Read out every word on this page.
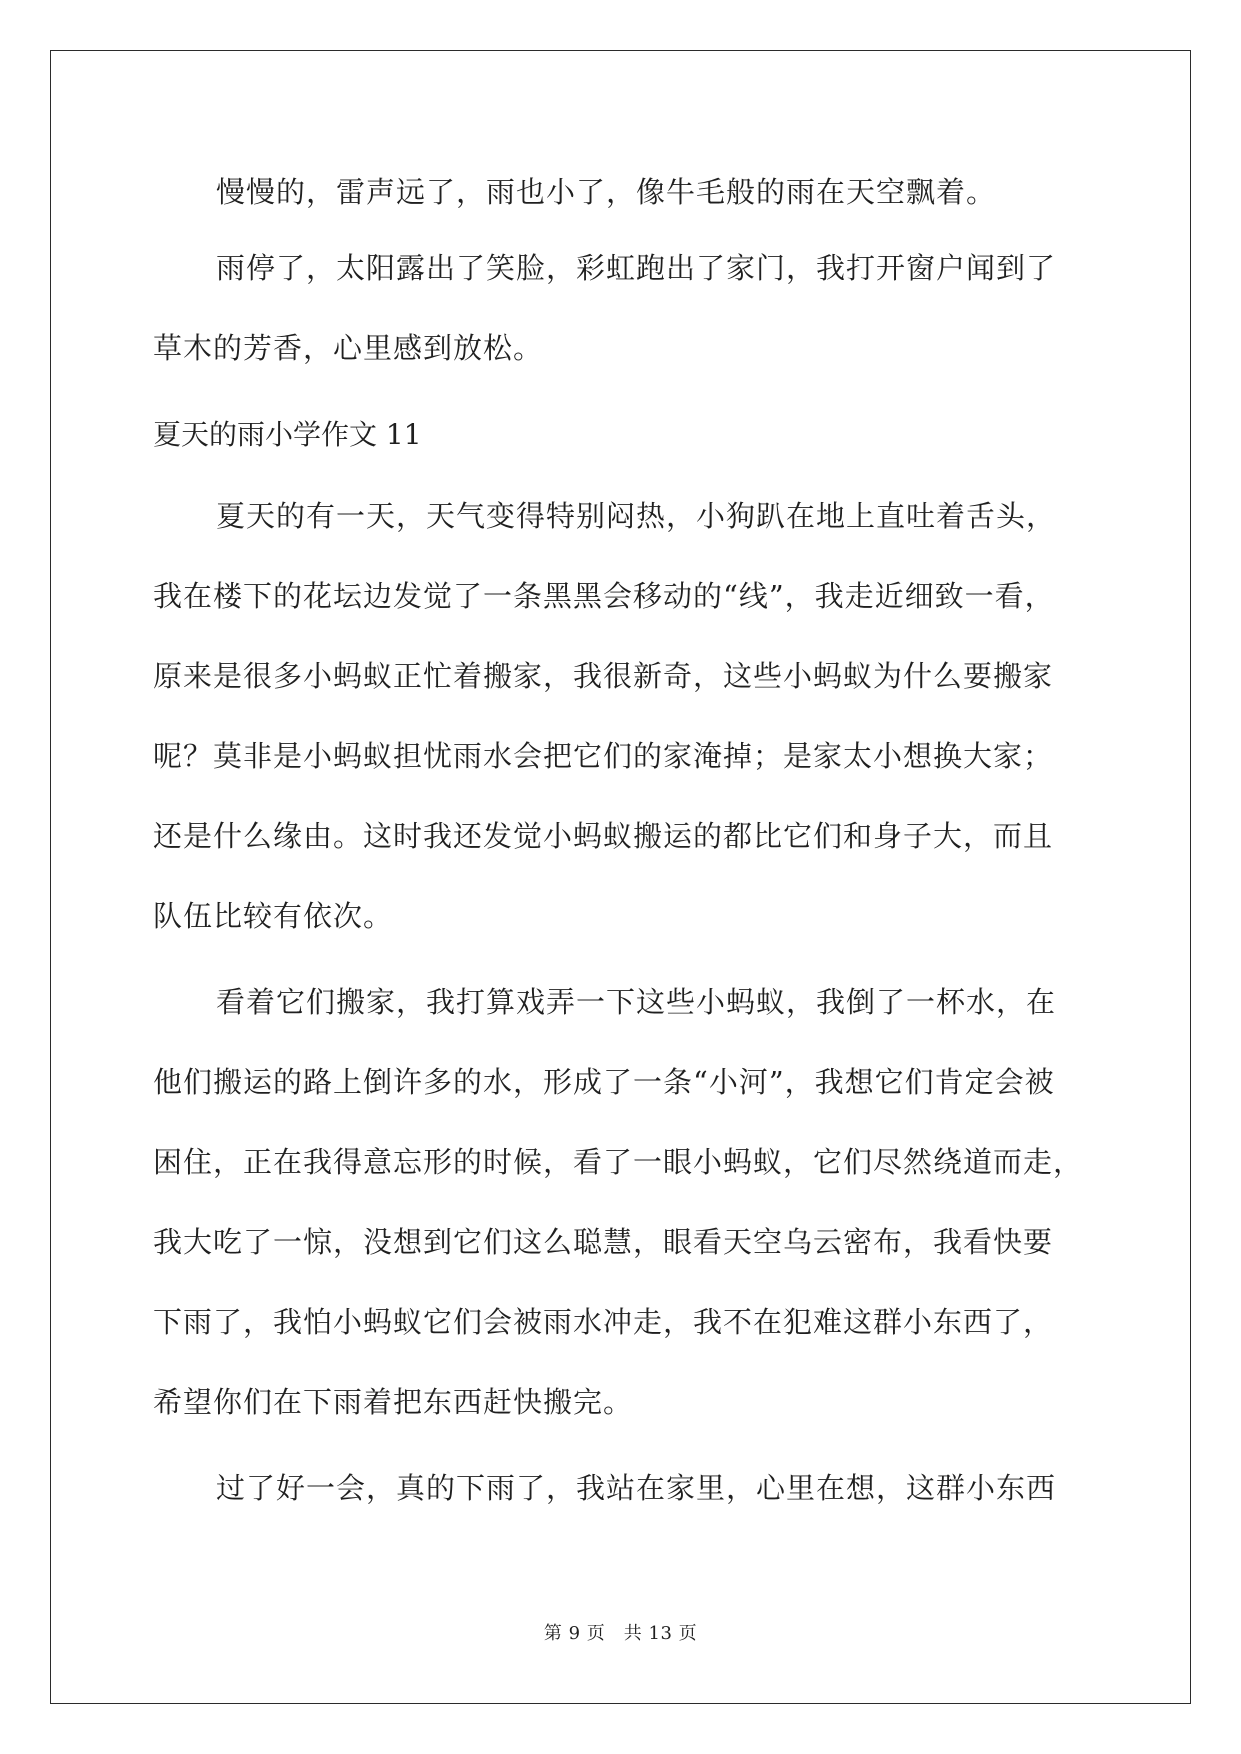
慢慢的，雷声远了，雨也小了，像牛毛般的雨在天空飘着。
雨停了，太阳露出了笑脸，彩虹跑出了家门，我打开窗户闻到了
草木的芳香，心里感到放松。
夏天的雨小学作文 11
夏天的有一天，天气变得特别闷热，小狗趴在地上直吐着舌头，
我在楼下的花坛边发觉了一条黑黑会移动的“线”，我走近细致一看，
原来是很多小蚂蚁正忙着搬家，我很新奇，这些小蚂蚁为什么要搬家
呢？莫非是小蚂蚁担忧雨水会把它们的家淹掉；是家太小想换大家；
还是什么缘由。这时我还发觉小蚂蚁搬运的都比它们和身子大，而且
队伍比较有依次。
看着它们搬家，我打算戏弄一下这些小蚂蚁，我倒了一杯水，在
他们搬运的路上倒许多的水，形成了一条“小河”，我想它们肯定会被
困住，正在我得意忘形的时候，看了一眼小蚂蚁，它们尽然绕道而走，
我大吃了一惊，没想到它们这么聪慧，眼看天空乌云密布，我看快要
下雨了，我怕小蚂蚁它们会被雨水冲走，我不在犯难这群小东西了，
希望你们在下雨着把东西赶快搬完。
过了好一会，真的下雨了，我站在家里，心里在想，这群小东西
第 9 页　共 13 页
